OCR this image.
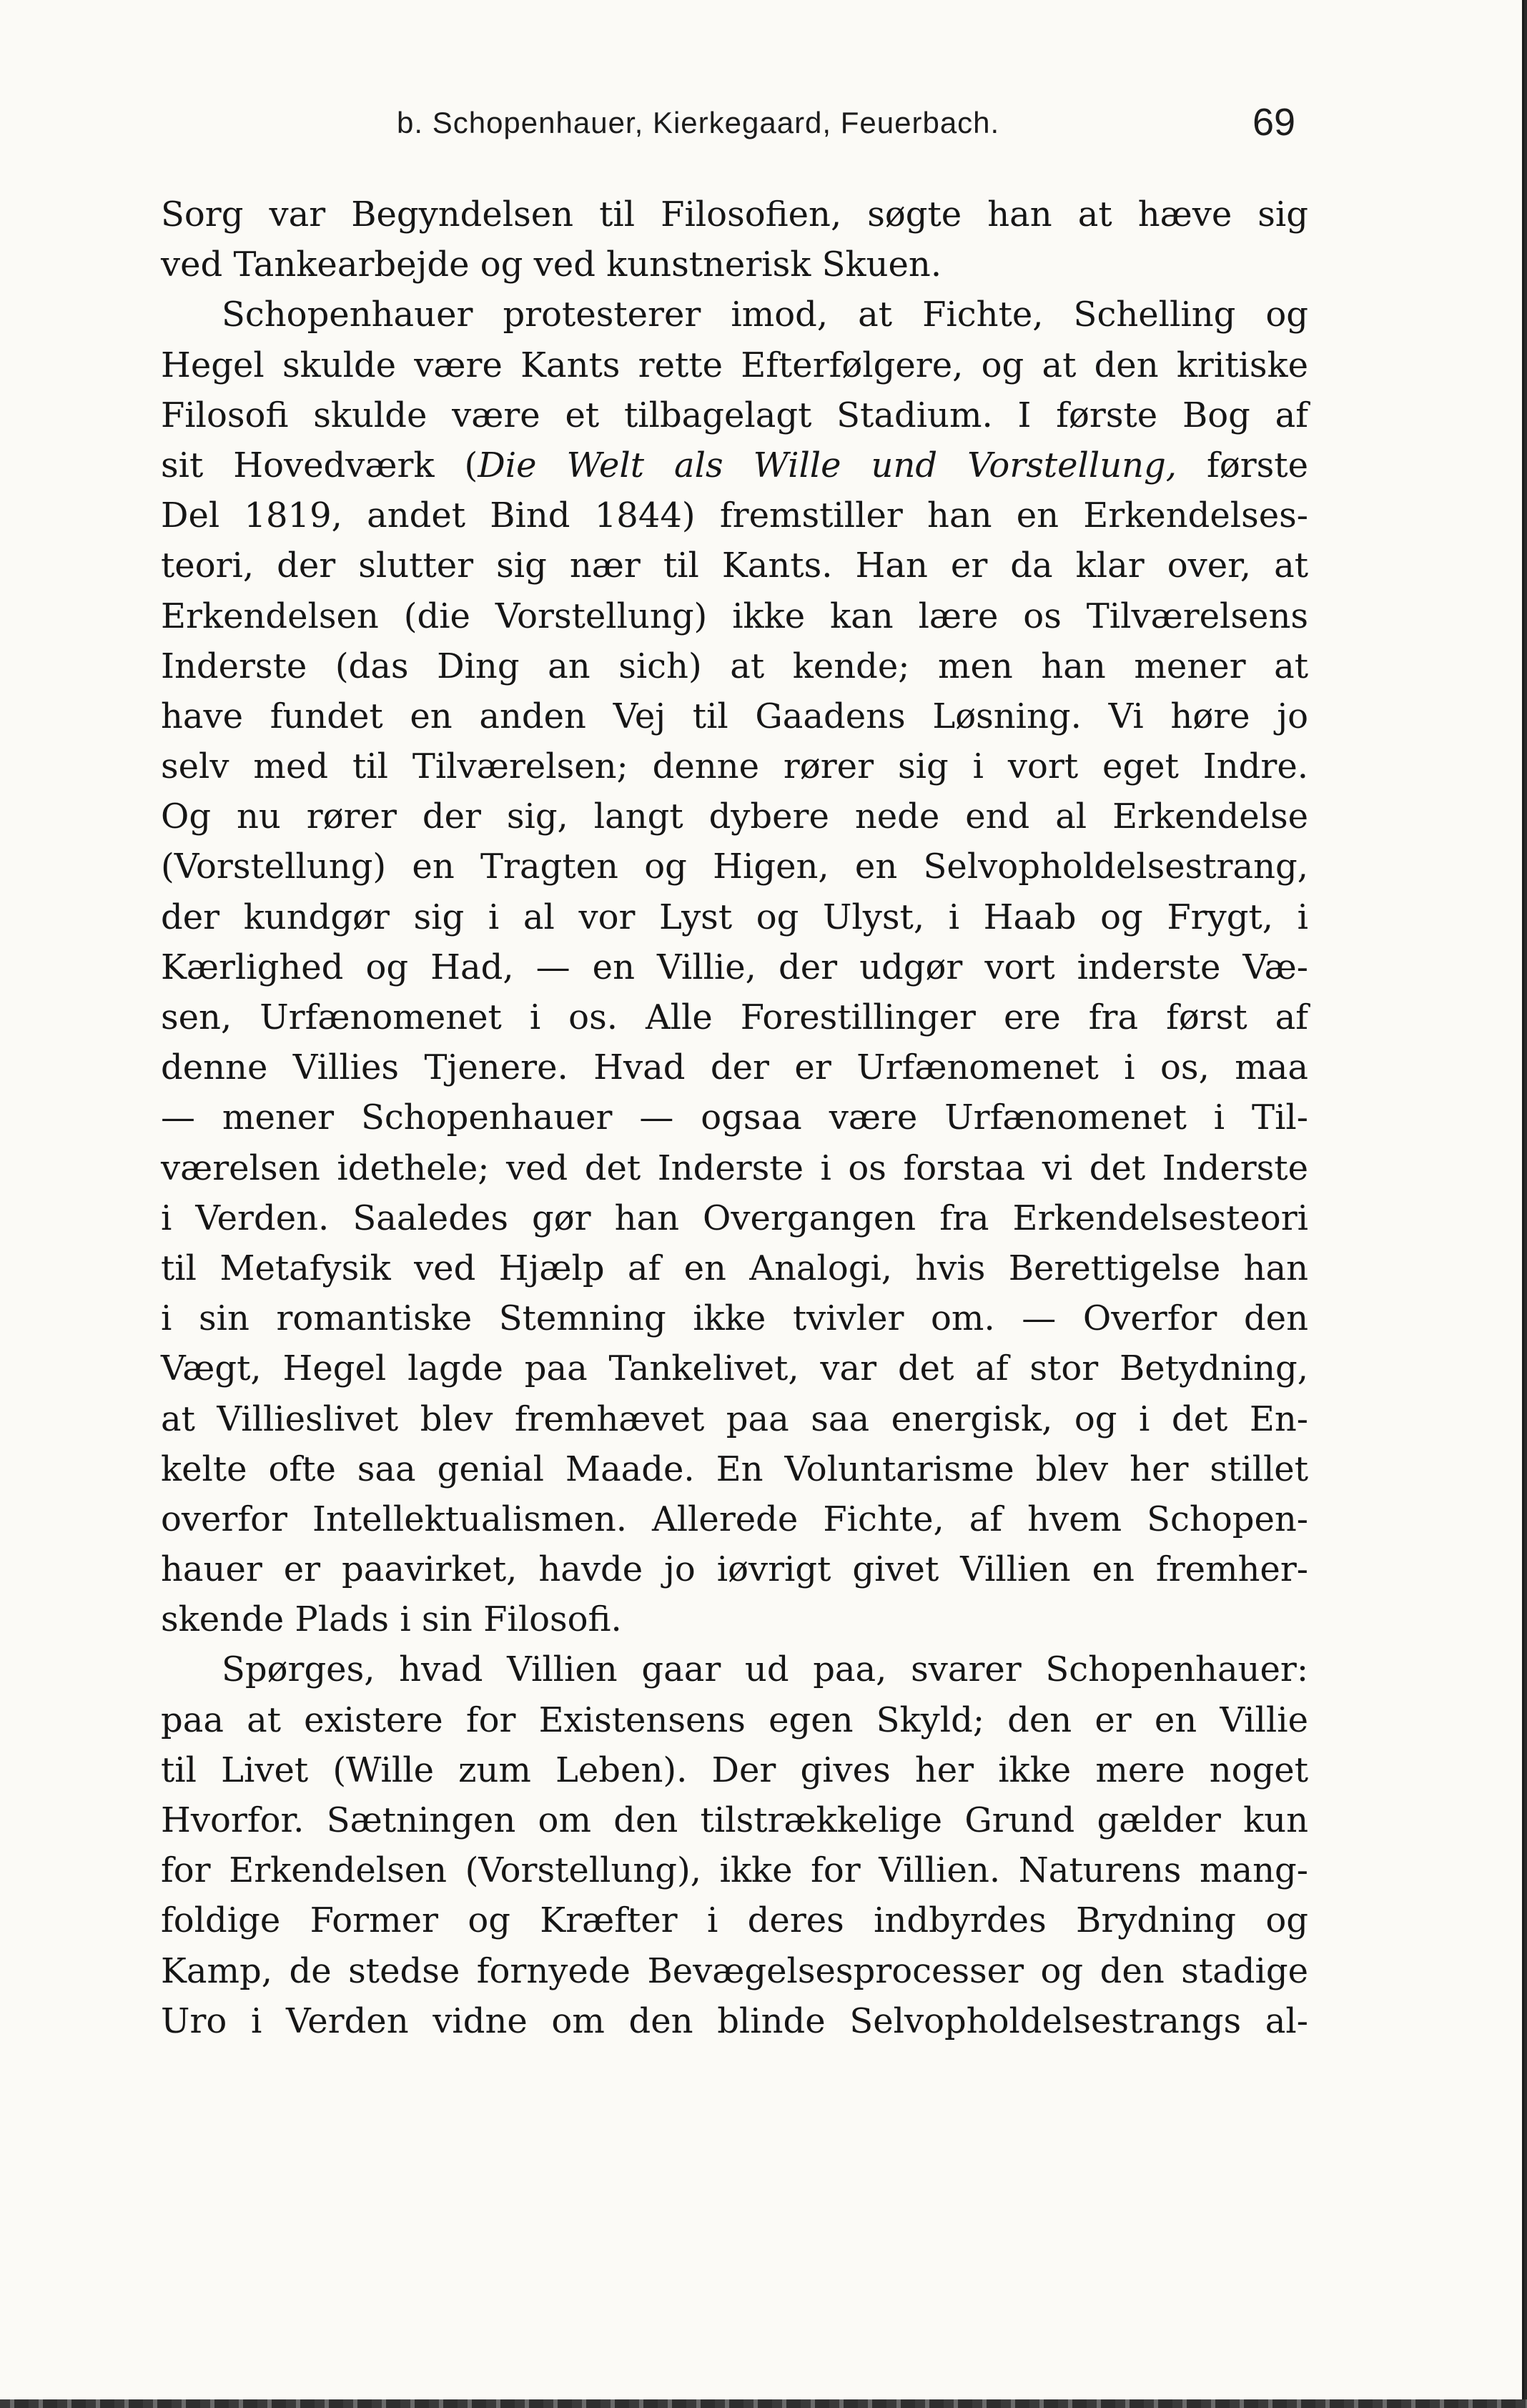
b. Schopenhauer, Kierkegaard, Feuerbach.	69
Sorg var Begyndelsen til Filosofien, søgte han at hæve sig
ved Tankearbejde og ved kunstnerisk Skuen.
Schopenhauer protesterer imod, at Fichte, Schelling og
Hegel skulde være Kants rette Efterfølgere, og at den kritiske
Filosofi skulde være et tilbagelagt Stadium. I første Bog af
sit Hovedværk (Die Welt als Wille und Vorstellung, første
Del 1819, andet Bind 1844) fremstiller han en Erkendelses-
teori, der slutter sig nær til Kants. Han er da klar over, at
Erkendelsen (die Vorstellung) ikke kan lære os Tilværelsens
Inderste (das Ding an sich) at kende; men han mener at
have fundet en anden Vej til Gaadens Løsning. Vi høre jo
selv med til Tilværelsen; denne rører sig i vort eget Indre.
Og nu rører der sig, langt dybere nede end al Erkendelse
(Vorstellung) en Tragten og Higen, en Selvopholdelsestrang,
der kundgør sig i al vor Lyst og Ulyst, i Haab og Frygt, i
Kærlighed og Had, — en Villie, der udgør vort inderste Væ-
sen, Urfænomenet i os. Alle Forestillinger ere fra først af
denne Villies Tjenere. Hvad der er Urfænomenet i os, maa
— mener Schopenhauer — ogsaa være Urfænomenet i Til-
værelsen idethele; ved det Inderste i os forstaa vi det Inderste
i Verden. Saaledes gør han Overgangen fra Erkendelsesteori
til Metafysik ved Hjælp af en Analogi, hvis Berettigelse han
i sin romantiske Stemning ikke tvivler om. — Overfor den
Vægt, Hegel lagde paa Tankelivet, var det af stor Betydning,
at Villieslivet blev fremhævet paa saa energisk, og i det En-
kelte ofte saa genial Maade. En Voluntarisme blev her stillet
overfor Intellektualismen. Allerede Fichte, af hvem Schopen-
hauer er paavirket, havde jo iøvrigt givet Villien en fremher-
skende Plads i sin Filosofi.
Spørges, hvad Villien gaar ud paa, svarer Schopenhauer:
paa at existere for Existensens egen Skyld; den er en Villie
til Livet (Wille zum Leben). Der gives her ikke mere noget
Hvorfor. Sætningen om den tilstrækkelige Grund gælder kun
for Erkendelsen (Vorstellung), ikke for Villien. Naturens mang-
foldige Former og Kræfter i deres indbyrdes Brydning og
Kamp, de stedse fornyede Bevægelsesprocesser og den stadige
Uro i Verden vidne om den blinde Selvopholdelsestrangs al-
